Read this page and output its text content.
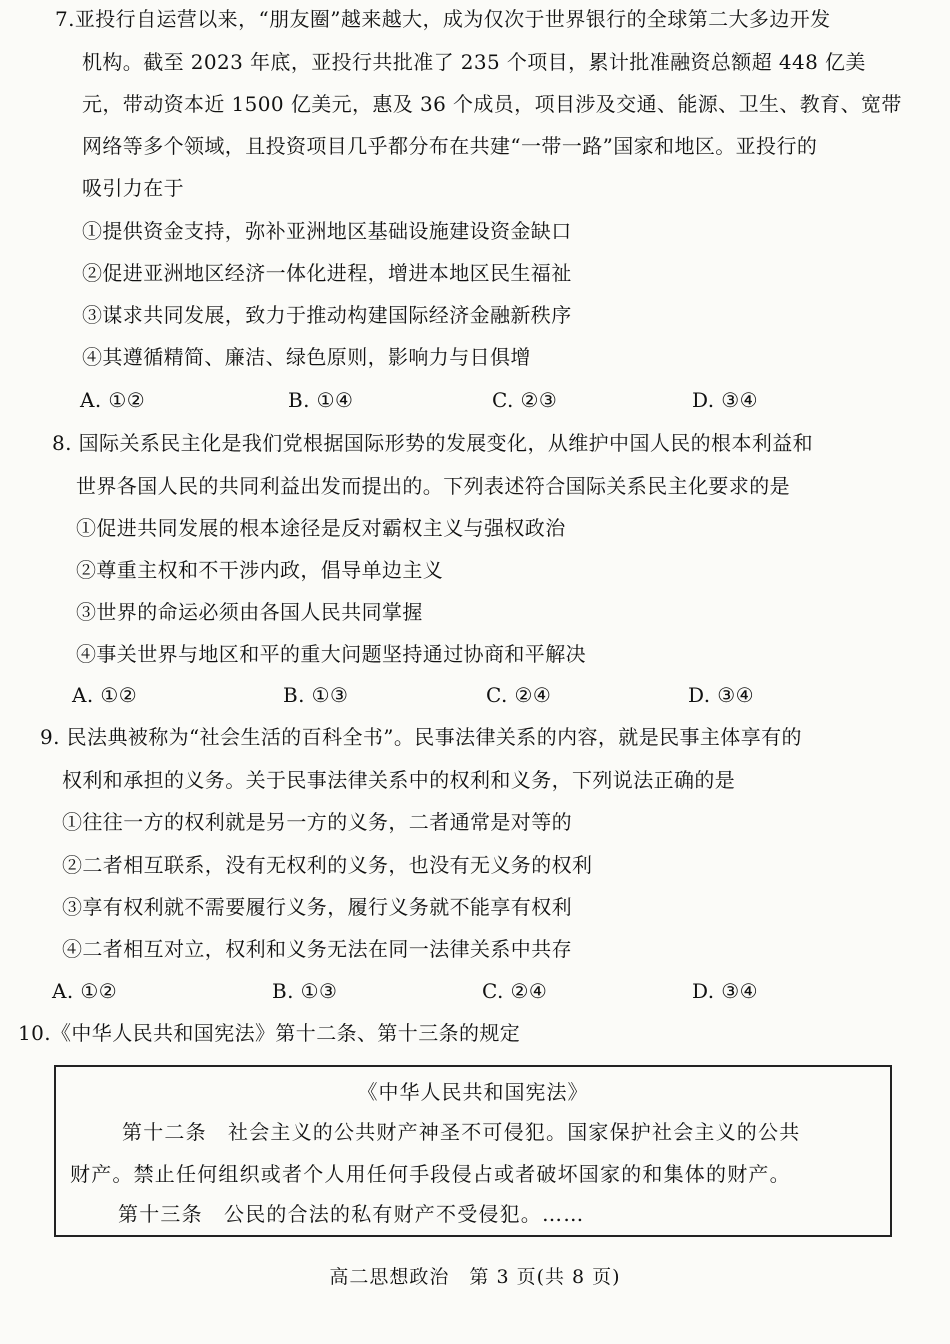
7.亚投行自运营以来，“朋友圈”越来越大，成为仅次于世界银行的全球第二大多边开发
机构。截至 2023 年底，亚投行共批准了 235 个项目，累计批准融资总额超 448 亿美
元，带动资本近 1500 亿美元，惠及 36 个成员，项目涉及交通、能源、卫生、教育、宽带
网络等多个领域，且投资项目几乎都分布在共建“一带一路”国家和地区。亚投行的
吸引力在于
①提供资金支持，弥补亚洲地区基础设施建设资金缺口
②促进亚洲地区经济一体化进程，增进本地区民生福祉
③谋求共同发展，致力于推动构建国际经济金融新秩序
④其遵循精简、廉洁、绿色原则，影响力与日俱增
A. ①②	B. ①④	C. ②③	D. ③④
8. 国际关系民主化是我们党根据国际形势的发展变化，从维护中国人民的根本利益和
世界各国人民的共同利益出发而提出的。下列表述符合国际关系民主化要求的是
①促进共同发展的根本途径是反对霸权主义与强权政治
②尊重主权和不干涉内政，倡导单边主义
③世界的命运必须由各国人民共同掌握
④事关世界与地区和平的重大问题坚持通过协商和平解决
A. ①②	B. ①③	C. ②④	D. ③④
9. 民法典被称为“社会生活的百科全书”。民事法律关系的内容，就是民事主体享有的
权利和承担的义务。关于民事法律关系中的权利和义务，下列说法正确的是
①往往一方的权利就是另一方的义务，二者通常是对等的
②二者相互联系，没有无权利的义务，也没有无义务的权利
③享有权利就不需要履行义务，履行义务就不能享有权利
④二者相互对立，权利和义务无法在同一法律关系中共存
A. ①②	B. ①③	C. ②④	D. ③④
10.《中华人民共和国宪法》第十二条、第十三条的规定
《中华人民共和国宪法》
第十二条　社会主义的公共财产神圣不可侵犯。国家保护社会主义的公共
财产。禁止任何组织或者个人用任何手段侵占或者破坏国家的和集体的财产。
第十三条　公民的合法的私有财产不受侵犯。……
高二思想政治　第 3 页(共 8 页)
